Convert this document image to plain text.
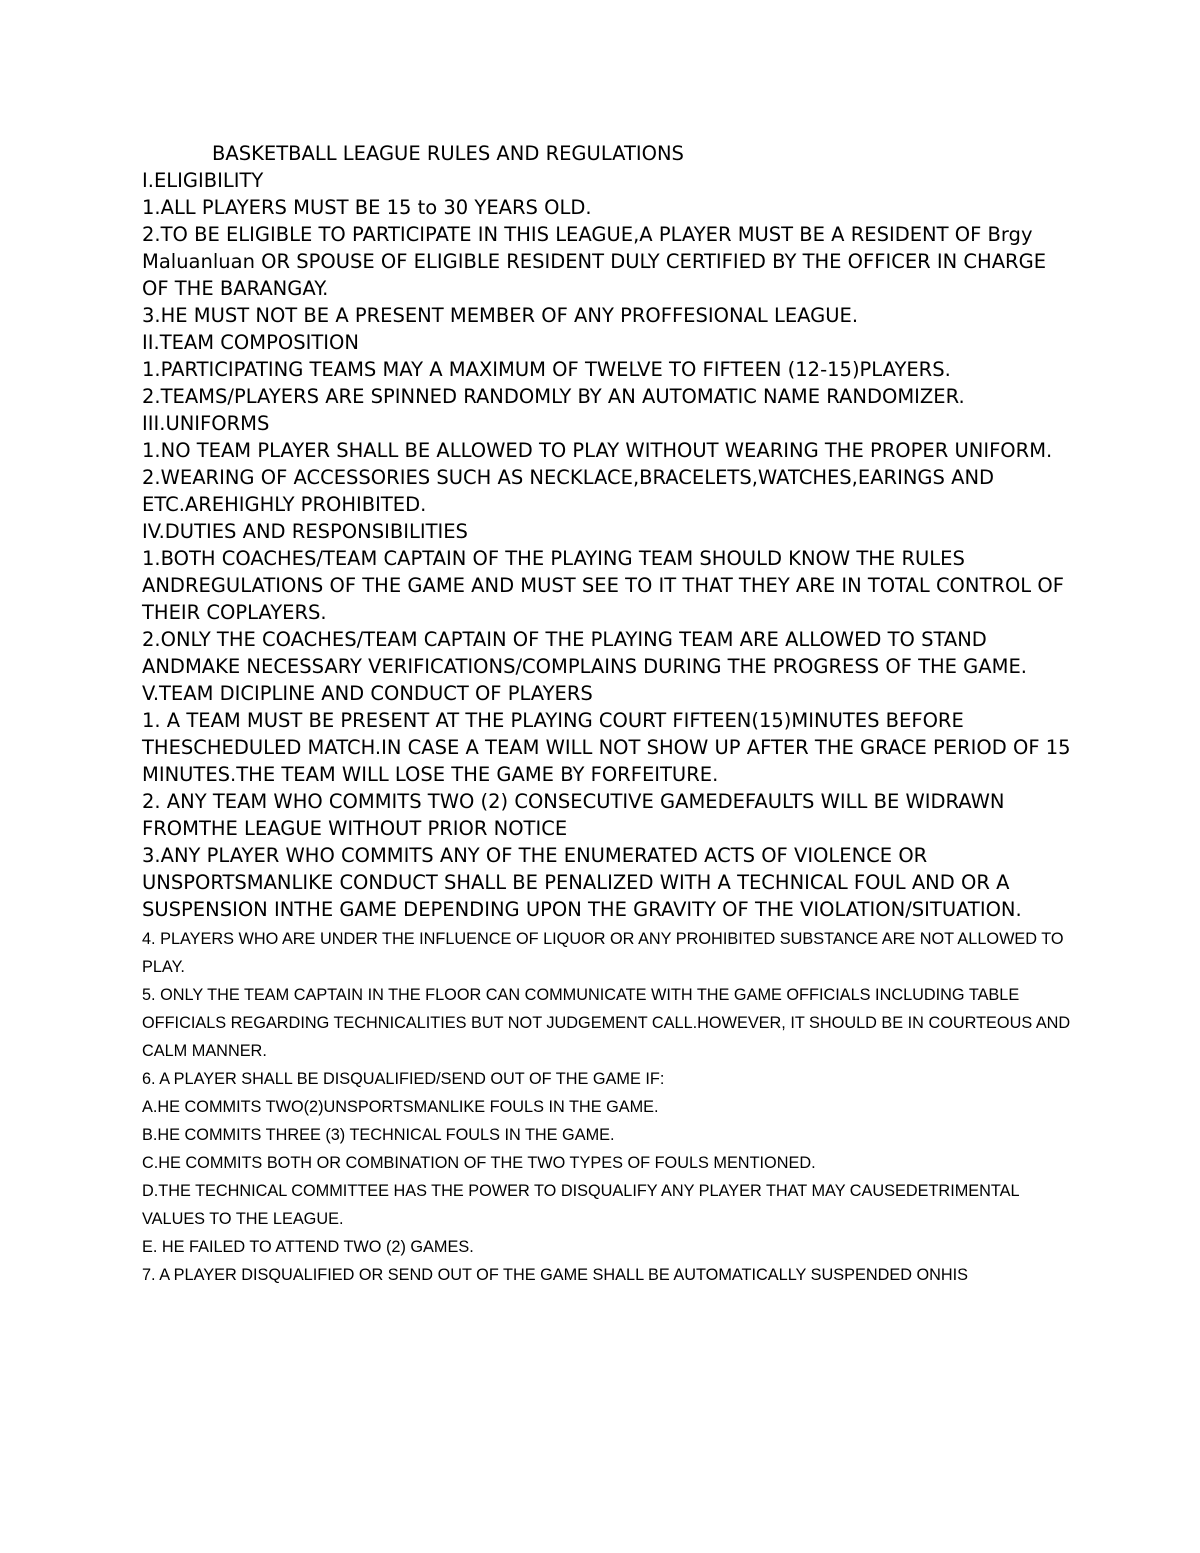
BASKETBALL LEAGUE RULES AND REGULATIONS

I.ELIGIBILITY

1.ALL PLAYERS MUST BE 15 to 30 YEARS OLD.

2.TO BE ELIGIBLE TO PARTICIPATE IN THIS LEAGUE,A PLAYER MUST BE A RESIDENT OF Brgy Maluanluan OR SPOUSE OF ELIGIBLE RESIDENT DULY CERTIFIED BY THE OFFICER IN CHARGE OF THE BARANGAY.

3.HE MUST NOT BE A PRESENT MEMBER OF ANY PROFFESIONAL LEAGUE.

II.TEAM COMPOSITION

1.PARTICIPATING TEAMS MAY A MAXIMUM OF TWELVE TO FIFTEEN (12-15)PLAYERS.

2.TEAMS/PLAYERS ARE SPINNED RANDOMLY BY AN AUTOMATIC NAME RANDOMIZER.

III.UNIFORMS

1.NO TEAM PLAYER SHALL BE ALLOWED TO PLAY WITHOUT WEARING THE PROPER UNIFORM.

2.WEARING OF ACCESSORIES SUCH AS NECKLACE,BRACELETS,WATCHES,EARINGS AND ETC.AREHIGHLY PROHIBITED.

IV.DUTIES AND RESPONSIBILITIES

1.BOTH COACHES/TEAM CAPTAIN OF THE PLAYING TEAM SHOULD KNOW THE RULES ANDREGULATIONS OF THE GAME AND MUST SEE TO IT THAT THEY ARE IN TOTAL CONTROL OF THEIR COPLAYERS.

2.ONLY THE COACHES/TEAM CAPTAIN OF THE PLAYING TEAM ARE ALLOWED TO STAND ANDMAKE NECESSARY VERIFICATIONS/COMPLAINS DURING THE PROGRESS OF THE GAME.

V.TEAM DICIPLINE AND CONDUCT OF PLAYERS

1. A TEAM MUST BE PRESENT AT THE PLAYING COURT FIFTEEN(15)MINUTES BEFORE THESCHEDULED MATCH.IN CASE A TEAM WILL NOT SHOW UP AFTER THE GRACE PERIOD OF 15 MINUTES.THE TEAM WILL LOSE THE GAME BY FORFEITURE.

2. ANY TEAM WHO COMMITS TWO (2) CONSECUTIVE GAMEDEFAULTS WILL BE WIDRAWN FROMTHE LEAGUE WITHOUT PRIOR NOTICE

3.ANY PLAYER WHO COMMITS ANY OF THE ENUMERATED ACTS OF VIOLENCE OR UNSPORTSMANLIKE CONDUCT SHALL BE PENALIZED WITH A TECHNICAL FOUL AND OR A SUSPENSION INTHE GAME DEPENDING UPON THE GRAVITY OF THE VIOLATION/SITUATION.

4. PLAYERS WHO ARE UNDER THE INFLUENCE OF LIQUOR OR ANY PROHIBITED SUBSTANCE ARE NOT ALLOWED TO PLAY.

5. ONLY THE TEAM CAPTAIN IN THE FLOOR CAN COMMUNICATE WITH THE GAME OFFICIALS INCLUDING TABLE OFFICIALS REGARDING TECHNICALITIES BUT NOT JUDGEMENT CALL.HOWEVER, IT SHOULD BE IN COURTEOUS AND CALM MANNER.

6. A PLAYER SHALL BE DISQUALIFIED/SEND OUT OF THE GAME IF:

A.HE COMMITS TWO(2)UNSPORTSMANLIKE FOULS IN THE GAME.

B.HE COMMITS THREE (3) TECHNICAL FOULS IN THE GAME.

C.HE COMMITS BOTH OR COMBINATION OF THE TWO TYPES OF FOULS MENTIONED.

D.THE TECHNICAL COMMITTEE HAS THE POWER TO DISQUALIFY ANY PLAYER THAT MAY CAUSEDETRIMENTAL VALUES TO THE LEAGUE.

E. HE FAILED TO ATTEND TWO (2) GAMES.

7. A PLAYER DISQUALIFIED OR SEND OUT OF THE GAME SHALL BE AUTOMATICALLY SUSPENDED ONHIS
